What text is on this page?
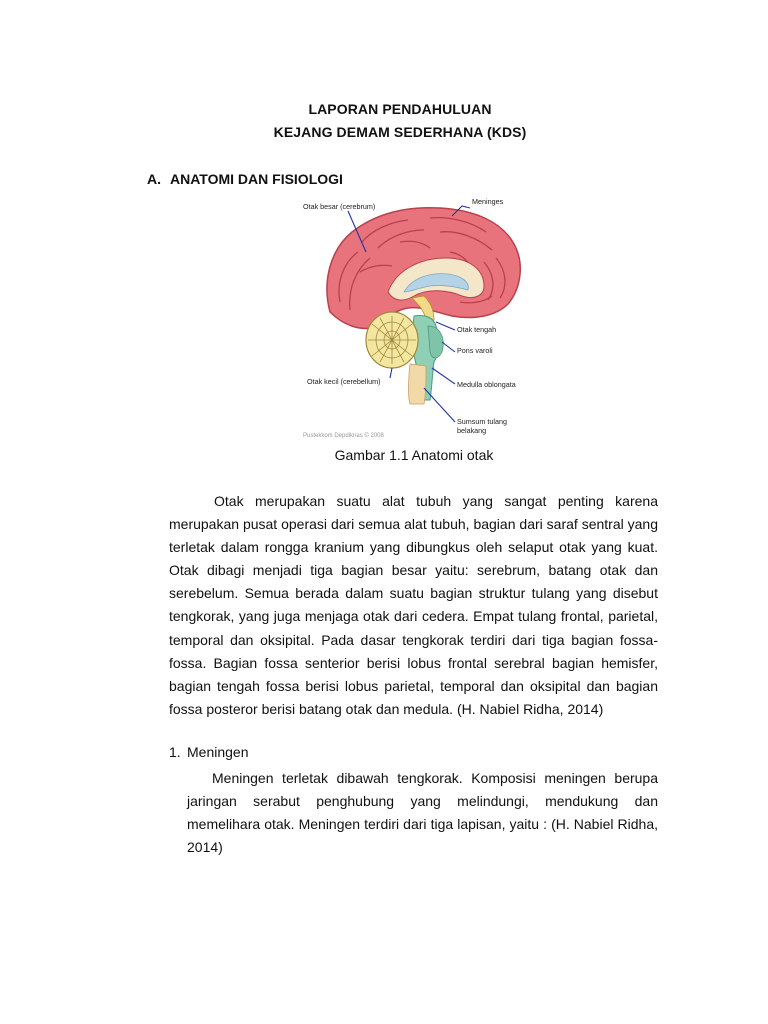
LAPORAN PENDAHULUAN
KEJANG DEMAM SEDERHANA (KDS)
A. ANATOMI DAN FISIOLOGI
Otak besar (cerebrum)
Meninges
Otak tengah
Pons varoli
Medulla oblongata
Sumsum tulang
belakang
Otak kecil (cerebellum)
Pustekkom Depdiknas © 2008
Gambar 1.1 Anatomi otak

Otak merupakan suatu alat tubuh yang sangat penting karena merupakan pusat operasi dari semua alat tubuh, bagian dari saraf sentral yang terletak dalam rongga kranium yang dibungkus oleh selaput otak yang kuat. Otak dibagi menjadi tiga bagian besar yaitu: serebrum, batang otak dan serebelum. Semua berada dalam suatu bagian struktur tulang yang disebut tengkorak, yang juga menjaga otak dari cedera. Empat tulang frontal, parietal, temporal dan oksipital. Pada dasar tengkorak terdiri dari tiga bagian fossa-fossa. Bagian fossa senterior berisi lobus frontal serebral bagian hemisfer, bagian tengah fossa berisi lobus parietal, temporal dan oksipital dan bagian fossa posteror berisi batang otak dan medula. (H. Nabiel Ridha, 2014)

1. Meningen

Meningen terletak dibawah tengkorak. Komposisi meningen berupa jaringan serabut penghubung yang melindungi, mendukung dan memelihara otak. Meningen terdiri dari tiga lapisan, yaitu : (H. Nabiel Ridha, 2014)
